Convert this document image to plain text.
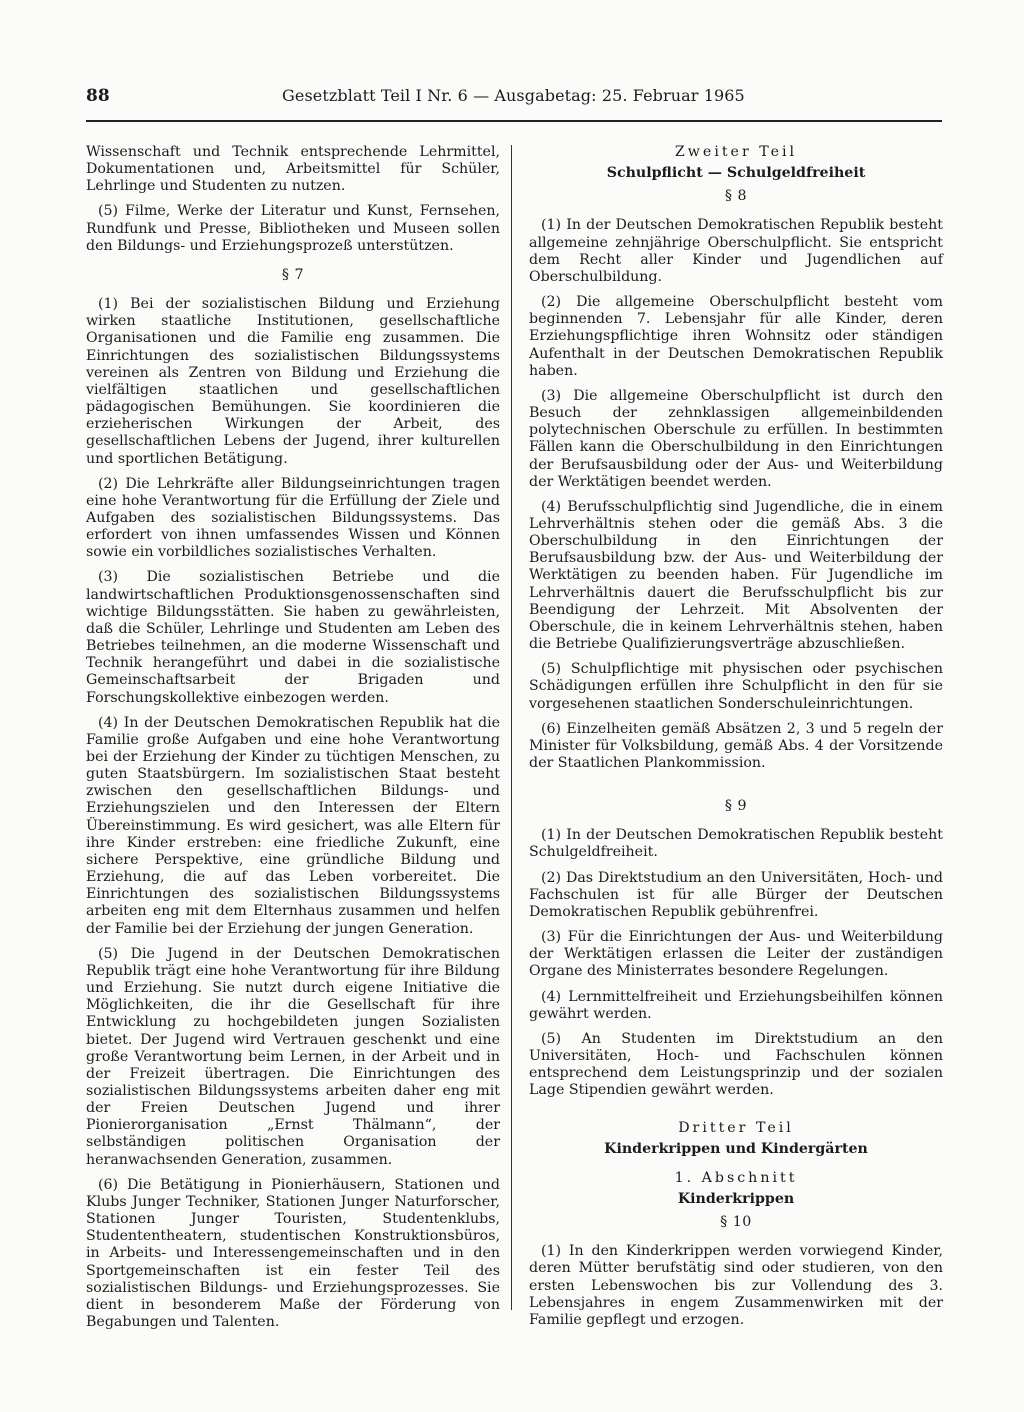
88	Gesetzblatt Teil I Nr. 6 — Ausgabetag: 25. Februar 1965

Wissenschaft und Technik entsprechende Lehrmittel, Dokumentationen und, Arbeitsmittel für Schüler, Lehrlinge und Studenten zu nutzen.

(5) Filme, Werke der Literatur und Kunst, Fernsehen, Rundfunk und Presse, Bibliotheken und Museen sollen den Bildungs- und Erziehungsprozeß unterstützen.

§ 7

(1) Bei der sozialistischen Bildung und Erziehung wirken staatliche Institutionen, gesellschaftliche Organisationen und die Familie eng zusammen. Die Einrichtungen des sozialistischen Bildungssystems vereinen als Zentren von Bildung und Erziehung die vielfältigen staatlichen und gesellschaftlichen pädagogischen Bemühungen. Sie koordinieren die erzieherischen Wirkungen der Arbeit, des gesellschaftlichen Lebens der Jugend, ihrer kulturellen und sportlichen Betätigung.

(2) Die Lehrkräfte aller Bildungseinrichtungen tragen eine hohe Verantwortung für die Erfüllung der Ziele und Aufgaben des sozialistischen Bildungssystems. Das erfordert von ihnen umfassendes Wissen und Können sowie ein vorbildliches sozialistisches Verhalten.

(3) Die sozialistischen Betriebe und die landwirtschaftlichen Produktionsgenossenschaften sind wichtige Bildungsstätten. Sie haben zu gewährleisten, daß die Schüler, Lehrlinge und Studenten am Leben des Betriebes teilnehmen, an die moderne Wissenschaft und Technik herangeführt und dabei in die sozialistische Gemeinschaftsarbeit der Brigaden und Forschungskollektive einbezogen werden.

(4) In der Deutschen Demokratischen Republik hat die Familie große Aufgaben und eine hohe Verantwortung bei der Erziehung der Kinder zu tüchtigen Menschen, zu guten Staatsbürgern. Im sozialistischen Staat besteht zwischen den gesellschaftlichen Bildungs- und Erziehungszielen und den Interessen der Eltern Übereinstimmung. Es wird gesichert, was alle Eltern für ihre Kinder erstreben: eine friedliche Zukunft, eine sichere Perspektive, eine gründliche Bildung und Erziehung, die auf das Leben vorbereitet. Die Einrichtungen des sozialistischen Bildungssystems arbeiten eng mit dem Elternhaus zusammen und helfen der Familie bei der Erziehung der jungen Generation.

(5) Die Jugend in der Deutschen Demokratischen Republik trägt eine hohe Verantwortung für ihre Bildung und Erziehung. Sie nutzt durch eigene Initiative die Möglichkeiten, die ihr die Gesellschaft für ihre Entwicklung zu hochgebildeten jungen Sozialisten bietet. Der Jugend wird Vertrauen geschenkt und eine große Verantwortung beim Lernen, in der Arbeit und in der Freizeit übertragen. Die Einrichtungen des sozialistischen Bildungssystems arbeiten daher eng mit der Freien Deutschen Jugend und ihrer Pionierorganisation „Ernst Thälmann“, der selbständigen politischen Organisation der heranwachsenden Generation, zusammen.

(6) Die Betätigung in Pionierhäusern, Stationen und Klubs Junger Techniker, Stationen Junger Naturforscher, Stationen Junger Touristen, Studentenklubs, Studententheatern, studentischen Konstruktionsbüros, in Arbeits- und Interessengemeinschaften und in den Sportgemeinschaften ist ein fester Teil des sozialistischen Bildungs- und Erziehungsprozesses. Sie dient in besonderem Maße der Förderung von Begabungen und Talenten.

Zweiter Teil
Schulpflicht — Schulgeldfreiheit
§ 8

(1) In der Deutschen Demokratischen Republik besteht allgemeine zehnjährige Oberschulpflicht. Sie entspricht dem Recht aller Kinder und Jugendlichen auf Oberschulbildung.

(2) Die allgemeine Oberschulpflicht besteht vom beginnenden 7. Lebensjahr für alle Kinder, deren Erziehungspflichtige ihren Wohnsitz oder ständigen Aufenthalt in der Deutschen Demokratischen Republik haben.

(3) Die allgemeine Oberschulpflicht ist durch den Besuch der zehnklassigen allgemeinbildenden polytechnischen Oberschule zu erfüllen. In bestimmten Fällen kann die Oberschulbildung in den Einrichtungen der Berufsausbildung oder der Aus- und Weiterbildung der Werktätigen beendet werden.

(4) Berufsschulpflichtig sind Jugendliche, die in einem Lehrverhältnis stehen oder die gemäß Abs. 3 die Oberschulbildung in den Einrichtungen der Berufsausbildung bzw. der Aus- und Weiterbildung der Werktätigen zu beenden haben. Für Jugendliche im Lehrverhältnis dauert die Berufsschulpflicht bis zur Beendigung der Lehrzeit. Mit Absolventen der Oberschule, die in keinem Lehrverhältnis stehen, haben die Betriebe Qualifizierungsverträge abzuschließen.

(5) Schulpflichtige mit physischen oder psychischen Schädigungen erfüllen ihre Schulpflicht in den für sie vorgesehenen staatlichen Sonderschuleinrichtungen.

(6) Einzelheiten gemäß Absätzen 2, 3 und 5 regeln der Minister für Volksbildung, gemäß Abs. 4 der Vorsitzende der Staatlichen Plankommission.

§ 9

(1) In der Deutschen Demokratischen Republik besteht Schulgeldfreiheit.

(2) Das Direktstudium an den Universitäten, Hoch- und Fachschulen ist für alle Bürger der Deutschen Demokratischen Republik gebührenfrei.

(3) Für die Einrichtungen der Aus- und Weiterbildung der Werktätigen erlassen die Leiter der zuständigen Organe des Ministerrates besondere Regelungen.

(4) Lernmittelfreiheit und Erziehungsbeihilfen können gewährt werden.

(5) An Studenten im Direktstudium an den Universitäten, Hoch- und Fachschulen können entsprechend dem Leistungsprinzip und der sozialen Lage Stipendien gewährt werden.

Dritter Teil
Kinderkrippen und Kindergärten
1. Abschnitt
Kinderkrippen
§ 10

(1) In den Kinderkrippen werden vorwiegend Kinder, deren Mütter berufstätig sind oder studieren, von den ersten Lebenswochen bis zur Vollendung des 3. Lebensjahres in engem Zusammenwirken mit der Familie gepflegt und erzogen.
